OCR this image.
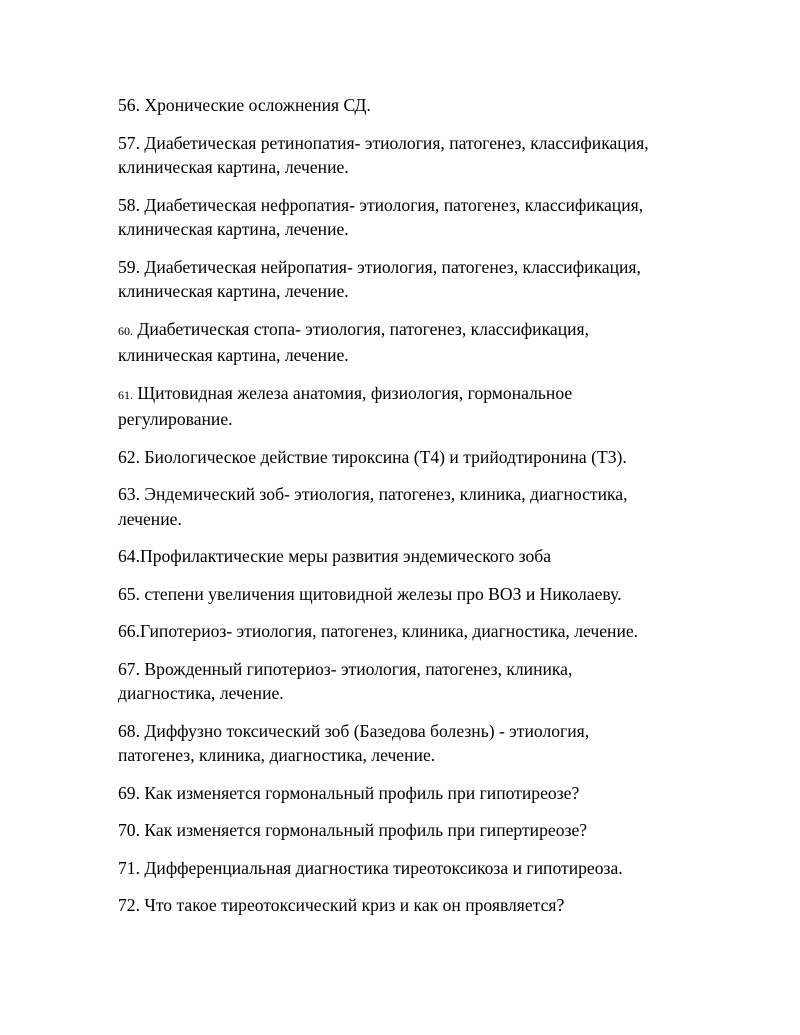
56. Хронические осложнения СД.
57. Диабетическая ретинопатия- этиология, патогенез, классификация,
клиническая картина, лечение.
58. Диабетическая нефропатия- этиология, патогенез, классификация,
клиническая картина, лечение.
59. Диабетическая нейропатия- этиология, патогенез, классификация,
клиническая картина, лечение.
60. Диабетическая стопа- этиология, патогенез, классификация,
клиническая картина, лечение.
61. Щитовидная железа анатомия, физиология, гормональное
регулирование.
62. Биологическое действие тироксина (Т4) и трийодтиронина (Т3).
63. Эндемический зоб- этиология, патогенез, клиника, диагностика,
лечение.
64.Профилактические меры развития эндемического зоба
65. степени увеличения щитовидной железы про ВОЗ и Николаеву.
66.Гипотериоз- этиология, патогенез, клиника, диагностика, лечение.
67. Врожденный гипотериоз- этиология, патогенез, клиника,
диагностика, лечение.
68. Диффузно токсический зоб (Базедова болезнь) - этиология,
патогенез, клиника, диагностика, лечение.
69. Как изменяется гормональный профиль при гипотиреозе?
70. Как изменяется гормональный профиль при гипертиреозе?
71. Дифференциальная диагностика тиреотоксикоза и гипотиреоза.
72. Что такое тиреотоксический криз и как он проявляется?
